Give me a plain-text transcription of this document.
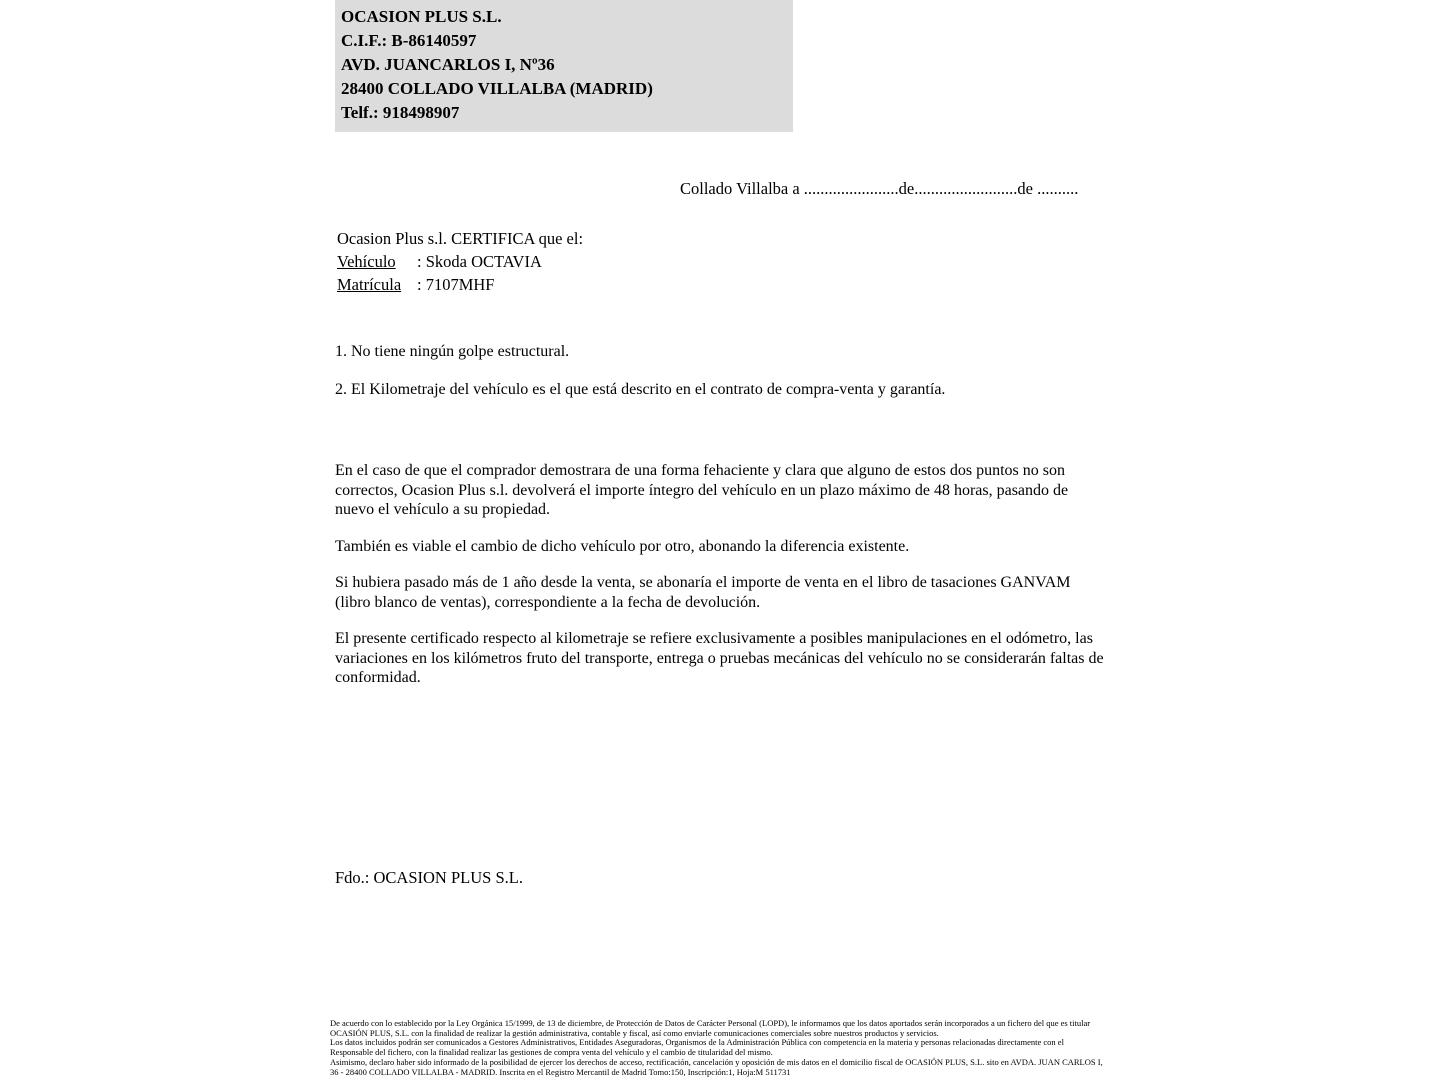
OCASION PLUS S.L.
C.I.F.: B-86140597
AVD. JUANCARLOS I, Nº36
28400 COLLADO VILLALBA (MADRID)
Telf.: 918498907
Collado Villalba a .......................de.........................de ..........
Ocasion Plus s.l. CERTIFICA que el:
Vehículo : Skoda OCTAVIA
Matrícula : 7107MHF
1. No tiene ningún golpe estructural.
2. El Kilometraje del vehículo es el que está descrito en el contrato de compra-venta y garantía.
En el caso de que el comprador demostrara de una forma fehaciente y clara que alguno de estos dos puntos no son correctos, Ocasion Plus s.l. devolverá el importe íntegro del vehículo en un plazo máximo de 48 horas, pasando de nuevo el vehículo a su propiedad.
También es viable el cambio de dicho vehículo por otro, abonando la diferencia existente.
Si hubiera pasado más de 1 año desde la venta, se abonaría el importe de venta en el libro de tasaciones GANVAM (libro blanco de ventas), correspondiente a la fecha de devolución.
El presente certificado respecto al kilometraje se refiere exclusivamente a posibles manipulaciones en el odómetro, las variaciones en los kilómetros fruto del transporte, entrega o pruebas mecánicas del vehículo no se considerarán faltas de conformidad.
Fdo.: OCASION PLUS S.L.
De acuerdo con lo establecido por la Ley Orgánica 15/1999, de 13 de diciembre, de Protección de Datos de Carácter Personal (LOPD), le informamos que los datos aportados serán incorporados a un fichero del que es titular OCASIÓN PLUS, S.L. con la finalidad de realizar la gestión administrativa, contable y fiscal, así como enviarle comunicaciones comerciales sobre nuestros productos y servicios.
Los datos incluidos podrán ser comunicados a Gestores Administrativos, Entidades Aseguradoras, Organismos de la Administración Pública con competencia en la materia y personas relacionadas directamente con el Responsable del fichero, con la finalidad realizar las gestiones de compra venta del vehículo y el cambio de titularidad del mismo.
Asimismo, declaro haber sido informado de la posibilidad de ejercer los derechos de acceso, rectificación, cancelación y oposición de mis datos en el domicilio fiscal de OCASIÓN PLUS, S.L. sito en AVDA. JUAN CARLOS I, 36 - 28400 COLLADO VILLALBA - MADRID. Inscrita en el Registro Mercantil de Madrid Tomo:150, Inscripción:1, Hoja:M 511731
